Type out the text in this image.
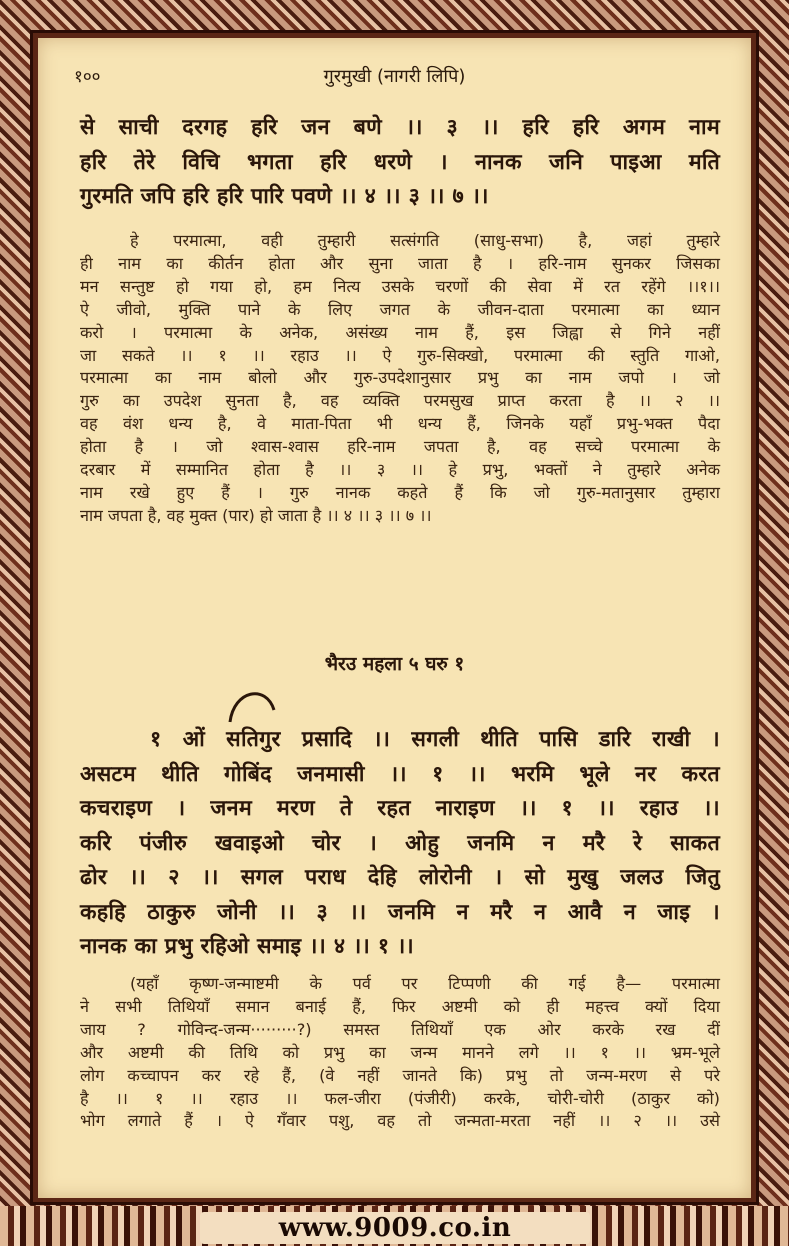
१००	गुरमुखी (नागरी लिपि)
से साची दरगह हरि जन बणे ।। ३ ।। हरि हरि अगम नाम
हरि तेरे विचि भगता हरि धरणे । नानक जनि पाइआ मति
गुरमति जपि हरि हरि पारि पवणे ।। ४ ।। ३ ।। ७ ।।
हे परमात्मा, वही तुम्हारी सत्संगति (साधु-सभा) है, जहां तुम्हारे
ही नाम का कीर्तन होता और सुना जाता है । हरि-नाम सुनकर जिसका
मन सन्तुष्ट हो गया हो, हम नित्य उसके चरणों की सेवा में रत रहेंगे ।।१।।
ऐ जीवो, मुक्ति पाने के लिए जगत के जीवन-दाता परमात्मा का ध्यान
करो । परमात्मा के अनेक, असंख्य नाम हैं, इस जिह्वा से गिने नहीं
जा सकते ।। १ ।। रहाउ ।। ऐ गुरु-सिक्खो, परमात्मा की स्तुति गाओ,
परमात्मा का नाम बोलो और गुरु-उपदेशानुसार प्रभु का नाम जपो । जो
गुरु का उपदेश सुनता है, वह व्यक्ति परमसुख प्राप्त करता है ।। २ ।।
वह वंश धन्य है, वे माता-पिता भी धन्य हैं, जिनके यहाँ प्रभु-भक्त पैदा
होता है । जो श्वास-श्वास हरि-नाम जपता है, वह सच्चे परमात्मा के
दरबार में सम्मानित होता है ।। ३ ।। हे प्रभु, भक्तों ने तुम्हारे अनेक
नाम रखे हुए हैं । गुरु नानक कहते हैं कि जो गुरु-मतानुसार तुम्हारा
नाम जपता है, वह मुक्त (पार) हो जाता है ।। ४ ।। ३ ।। ७ ।।
भैरउ महला ५ घरु १
१ ओं सतिगुर प्रसादि ।। सगली थीति पासि डारि राखी ।
असटम थीति गोबिंद जनमासी ।। १ ।। भरमि भूले नर करत
कचराइण । जनम मरण ते रहत नाराइण ।। १ ।। रहाउ ।।
करि पंजीरु खवाइओ चोर । ओहु जनमि न मरै रे साकत
ढोर ।। २ ।। सगल पराध देहि लोरोनी । सो मुखु जलउ जितु
कहहि ठाकुरु जोनी ।। ३ ।। जनमि न मरै न आवै न जाइ ।
नानक का प्रभु रहिओ समाइ ।। ४ ।। १ ।।
(यहाँ कृष्ण-जन्माष्टमी के पर्व पर टिप्पणी की गई है— परमात्मा
ने सभी तिथियाँ समान बनाई हैं, फिर अष्टमी को ही महत्त्व क्यों दिया
जाय ? गोविन्द-जन्म·········?) समस्त तिथियाँ एक ओर करके रख दीं
और अष्टमी की तिथि को प्रभु का जन्म मानने लगे ।। १ ।। भ्रम-भूले
लोग कच्चापन कर रहे हैं, (वे नहीं जानते कि) प्रभु तो जन्म-मरण से परे
है ।। १ ।। रहाउ ।। फल-जीरा (पंजीरी) करके, चोरी-चोरी (ठाकुर को)
भोग लगाते हैं । ऐ गँवार पशु, वह तो जन्मता-मरता नहीं ।। २ ।। उसे
www.9009.co.in
